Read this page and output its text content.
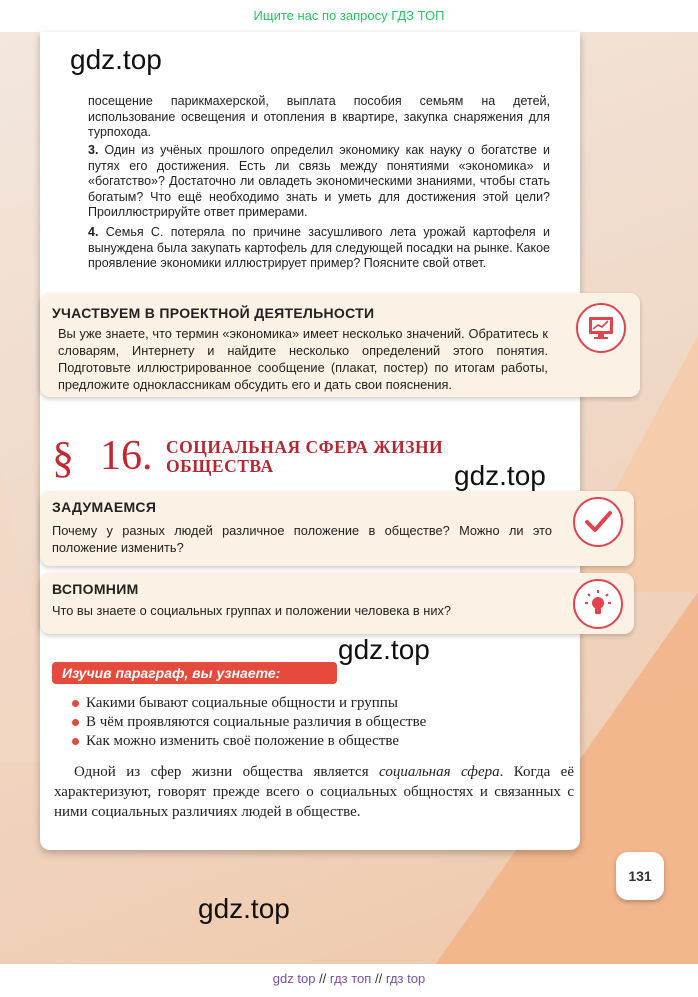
Ищите нас по запросу ГДЗ ТОП
gdz.top
посещение парикмахерской, выплата пособия семьям на детей, использование освещения и отопления в квартире, закупка снаряжения для турпохода.
3. Один из учёных прошлого определил экономику как науку о богатстве и путях его достижения. Есть ли связь между понятиями «экономика» и «богатство»? Достаточно ли овладеть экономическими знаниями, чтобы стать богатым? Что ещё необходимо знать и уметь для достижения этой цели? Проиллюстрируйте ответ примерами.
4. Семья С. потеряла по причине засушливого лета урожай картофеля и вынуждена была закупать картофель для следующей посадки на рынке. Какое проявление экономики иллюстрирует пример? Поясните свой ответ.
УЧАСТВУЕМ В ПРОЕКТНОЙ ДЕЯТЕЛЬНОСТИ
Вы уже знаете, что термин «экономика» имеет несколько значений. Обратитесь к словарям, Интернету и найдите несколько определений этого понятия. Подготовьте иллюстрированное сообщение (плакат, постер) по итогам работы, предложите одноклассникам обсудить его и дать свои пояснения.
§ 16. СОЦИАЛЬНАЯ СФЕРА ЖИЗНИ
ОБЩЕСТВА	gdz.top
ЗАДУМАЕМСЯ
Почему у разных людей различное положение в обществе? Можно ли это положение изменить?
ВСПОМНИМ
Что вы знаете о социальных группах и положении человека в них?
gdz.top
Изучив параграф, вы узнаете:
Какими бывают социальные общности и группы
В чём проявляются социальные различия в обществе
Как можно изменить своё положение в обществе
Одной из сфер жизни общества является социальная сфера. Когда её характеризуют, говорят прежде всего о социальных общностях и связанных с ними социальных различиях людей в обществе.
131
gdz.top
gdz top // гдз топ // гдз top
